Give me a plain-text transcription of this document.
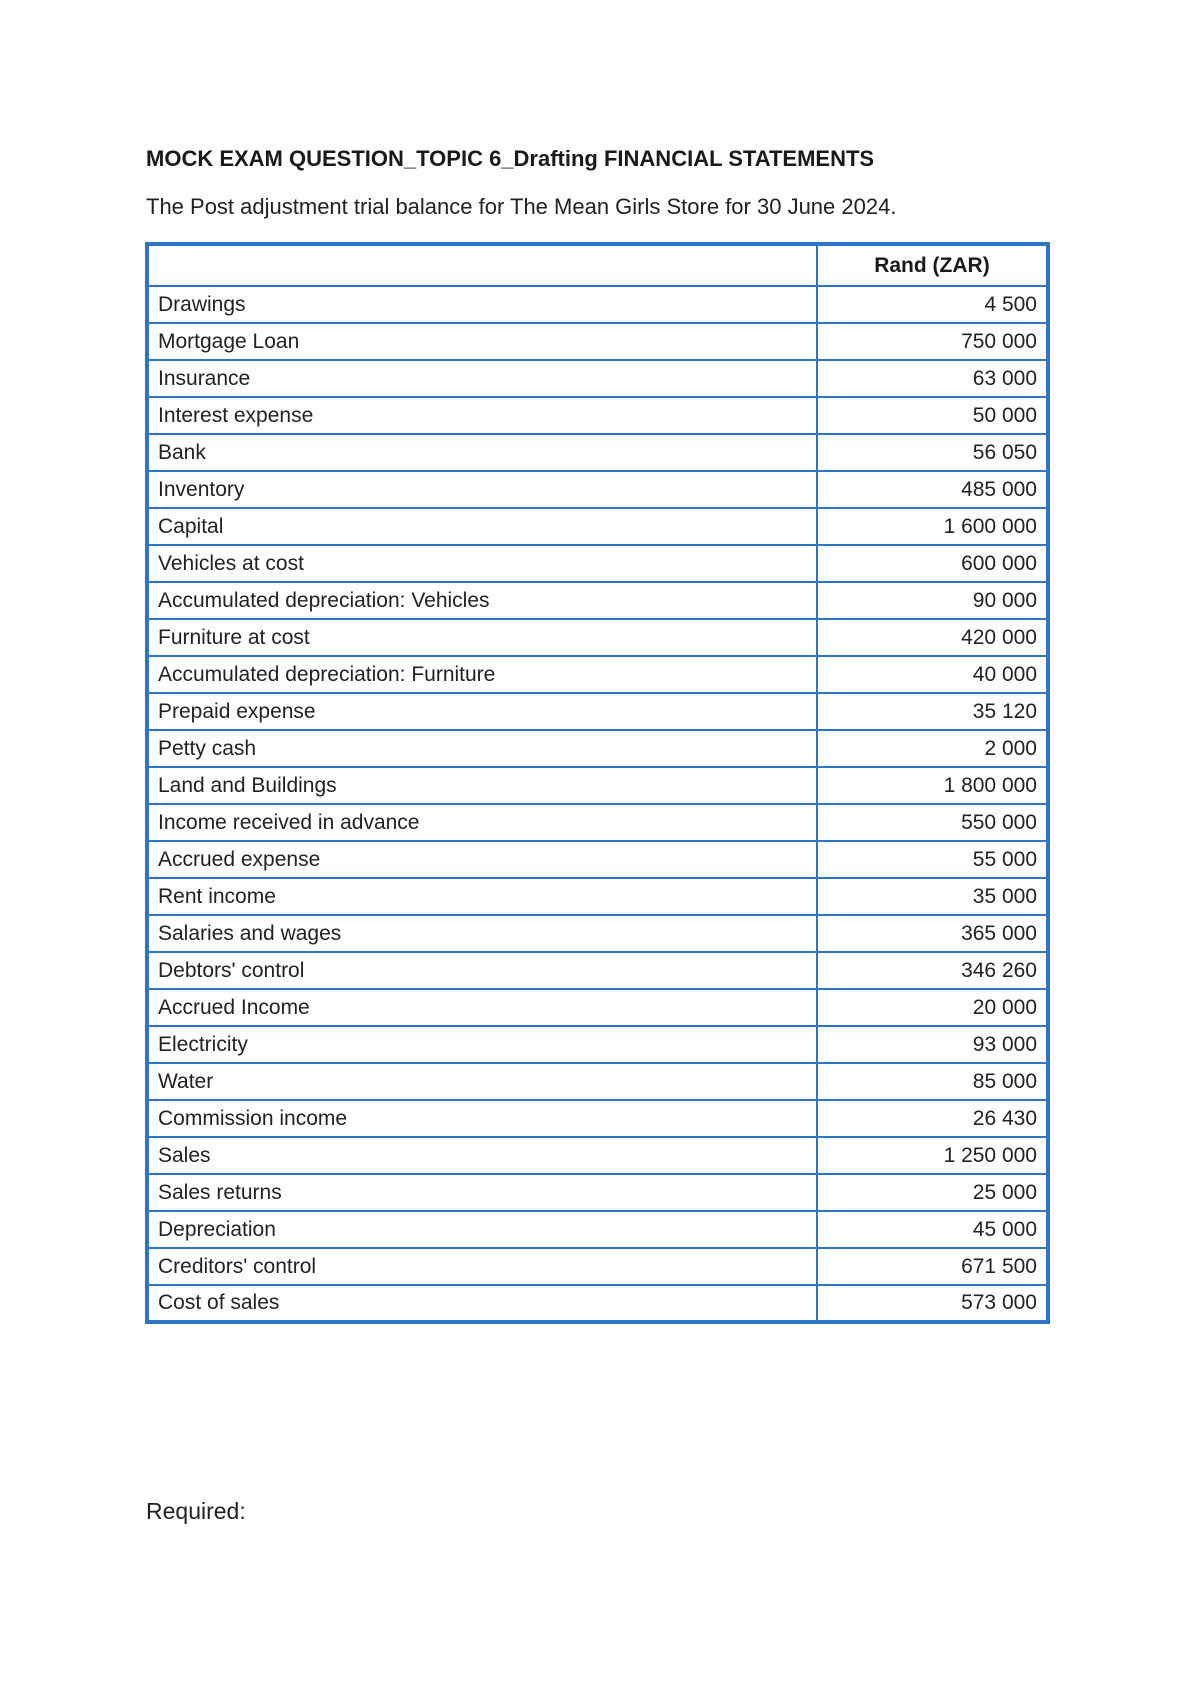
MOCK EXAM QUESTION_TOPIC 6_Drafting FINANCIAL STATEMENTS

The Post adjustment trial balance for The Mean Girls Store for 30 June 2024.

	Rand (ZAR)
Drawings	4 500
Mortgage Loan	750 000
Insurance	63 000
Interest expense	50 000
Bank	56 050
Inventory	485 000
Capital	1 600 000
Vehicles at cost	600 000
Accumulated depreciation: Vehicles	90 000
Furniture at cost	420 000
Accumulated depreciation: Furniture	40 000
Prepaid expense	35 120
Petty cash	2 000
Land and Buildings	1 800 000
Income received in advance	550 000
Accrued expense	55 000
Rent income	35 000
Salaries and wages	365 000
Debtors' control	346 260
Accrued Income	20 000
Electricity	93 000
Water	85 000
Commission income	26 430
Sales	1 250 000
Sales returns	25 000
Depreciation	45 000
Creditors' control	671 500
Cost of sales	573 000

Required:
